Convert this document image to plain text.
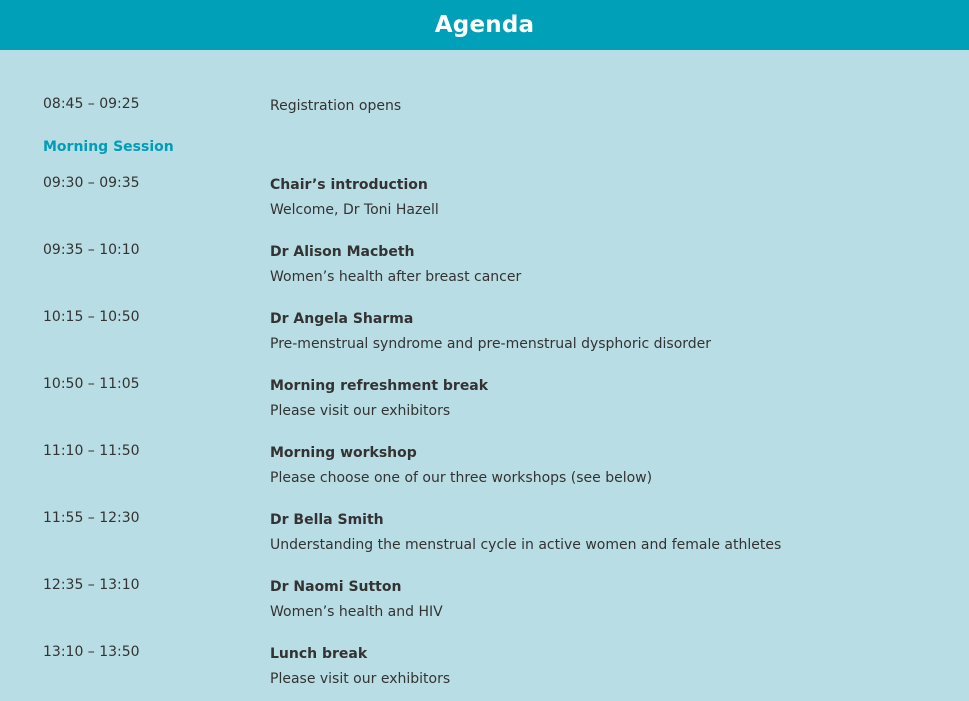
Agenda
08:45 – 09:25	Registration opens
Morning Session
09:30 – 09:35	Chair’s introduction
Welcome, Dr Toni Hazell
09:35 – 10:10	Dr Alison Macbeth
Women’s health after breast cancer
10:15 – 10:50	Dr Angela Sharma
Pre-menstrual syndrome and pre-menstrual dysphoric disorder
10:50 – 11:05	Morning refreshment break
Please visit our exhibitors
11:10 – 11:50	Morning workshop
Please choose one of our three workshops (see below)
11:55 – 12:30	Dr Bella Smith
Understanding the menstrual cycle in active women and female athletes
12:35 – 13:10	Dr Naomi Sutton
Women’s health and HIV
13:10 – 13:50	Lunch break
Please visit our exhibitors
